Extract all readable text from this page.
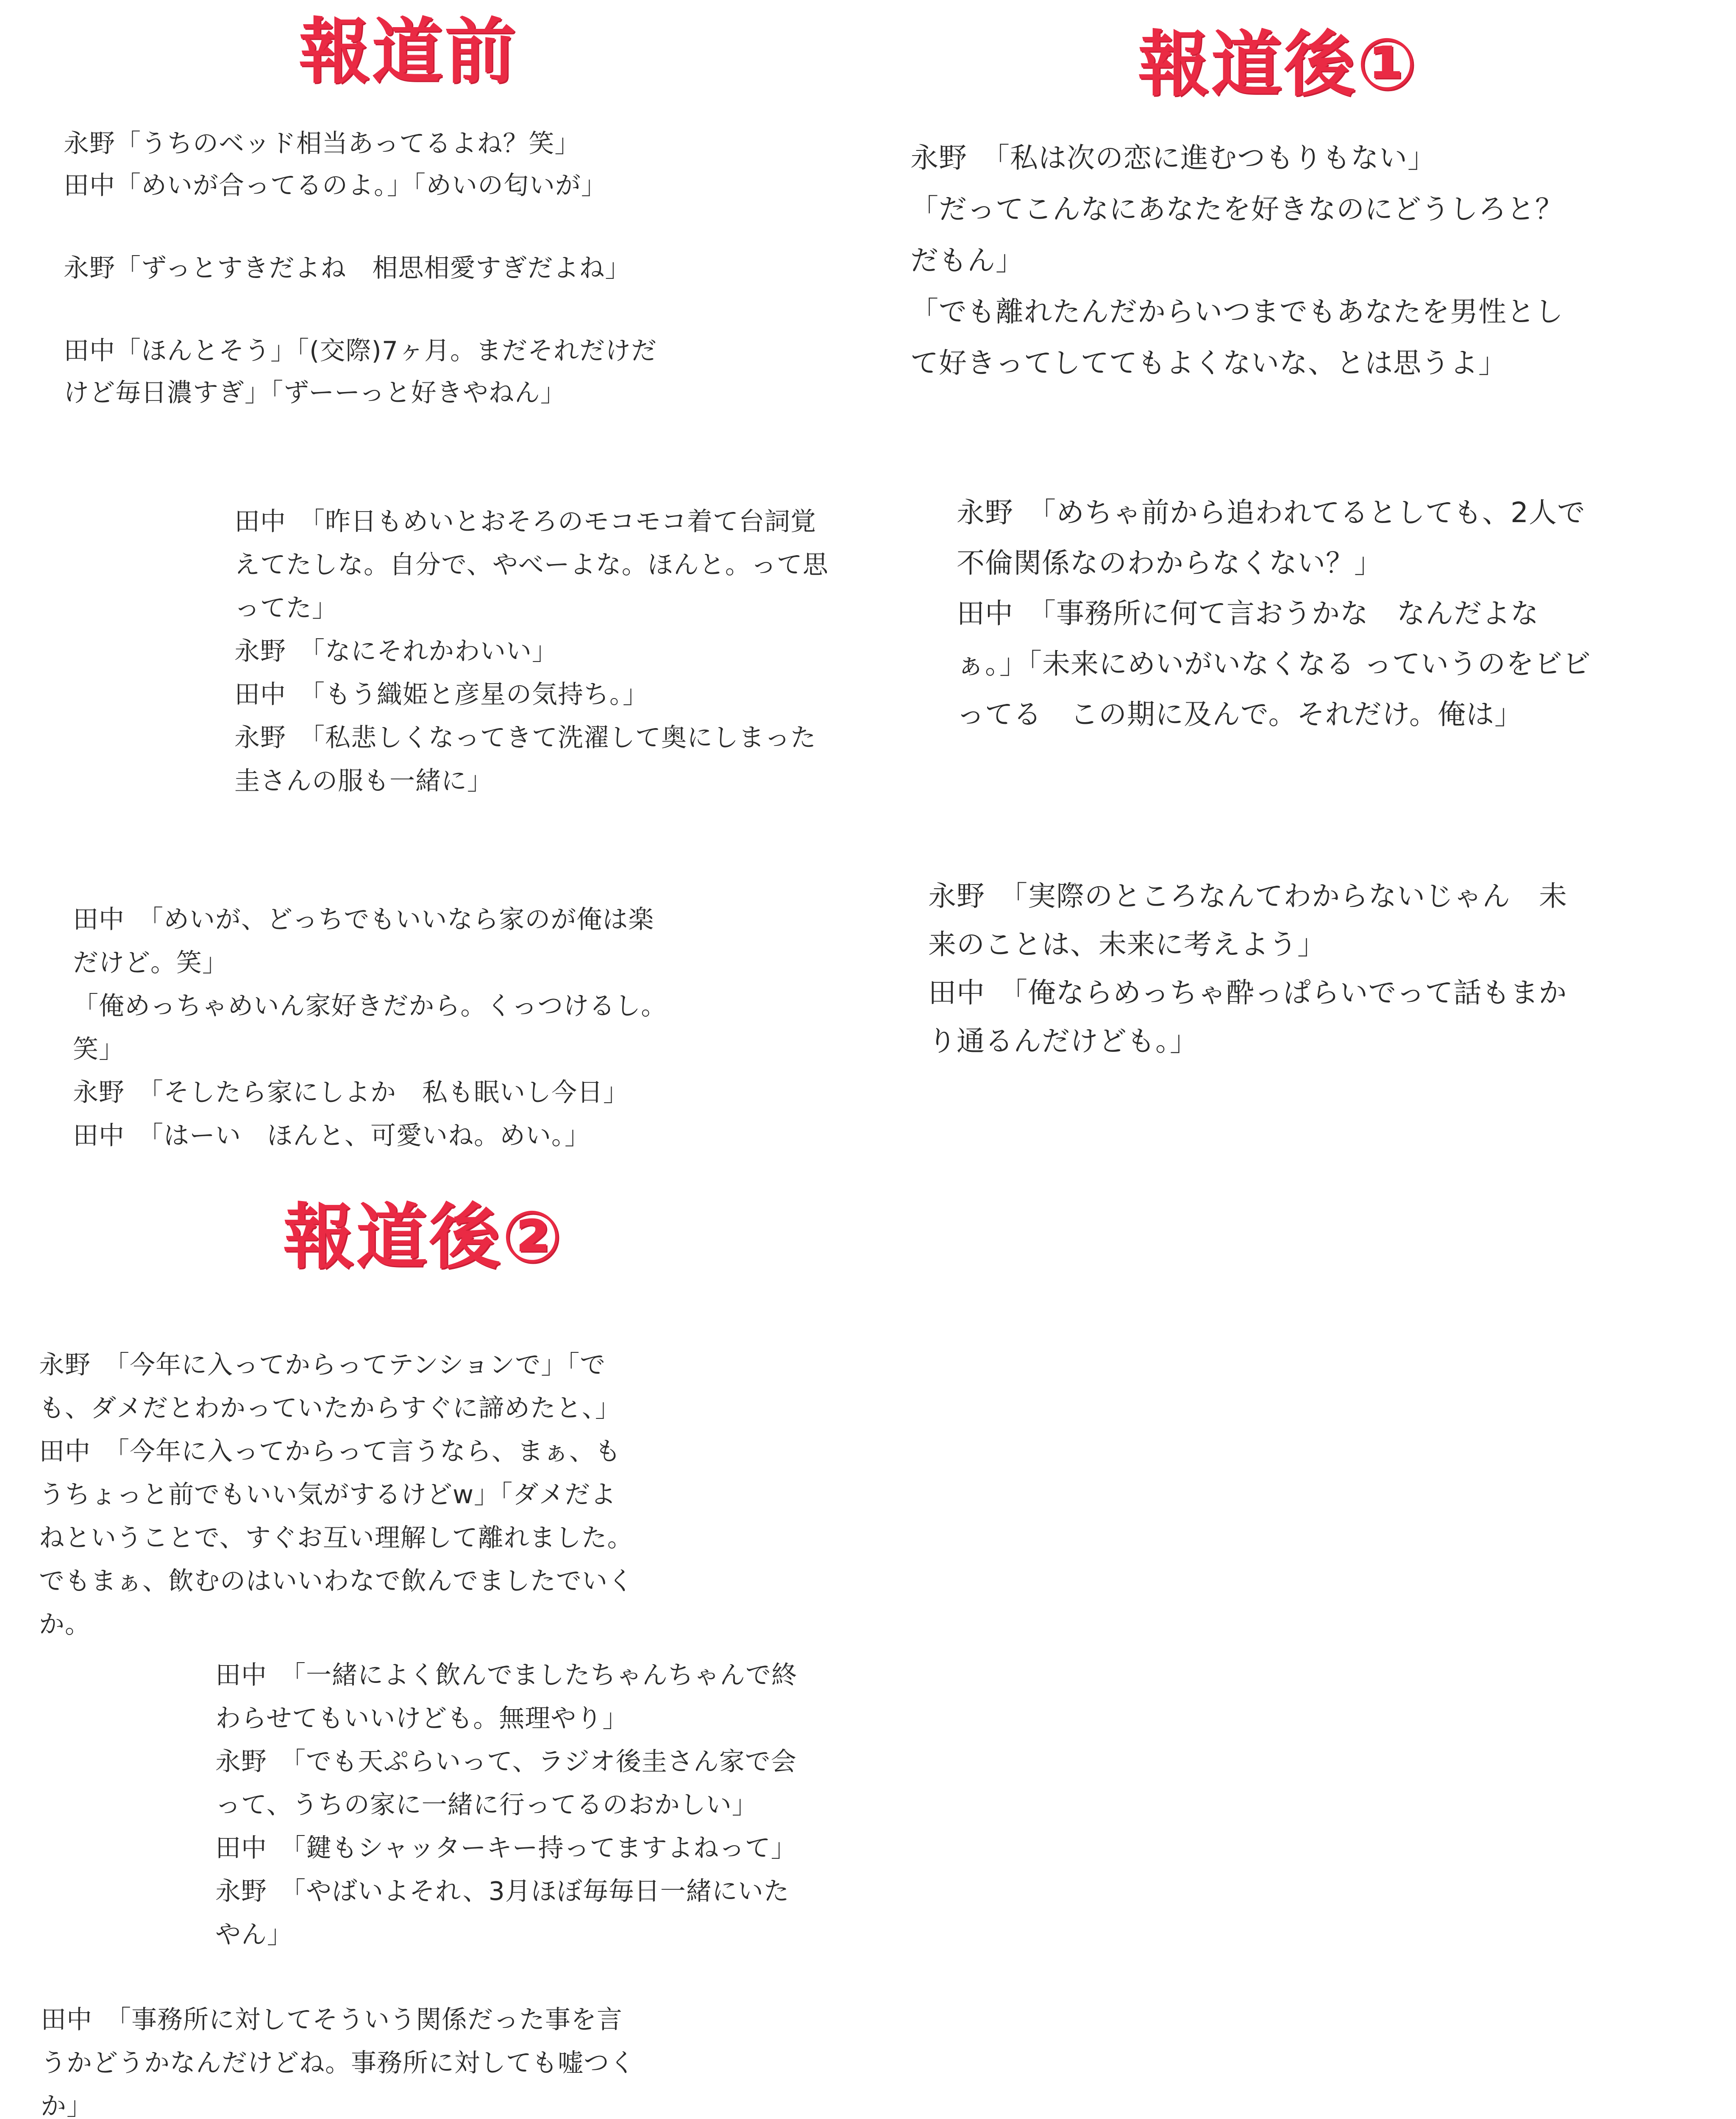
報道前	報道後①
報道後②
永野「うちのベッド相当あってるよね？笑」
田中「めいが合ってるのよ。」「めいの匂いが」
永野「ずっとすきだよね　相思相愛すぎだよね」
田中「ほんとそう」「(交際)7ヶ月。まだそれだけだ
けど毎日濃すぎ」「ずーーっと好きやねん」
田中　「昨日もめいとおそろのモコモコ着て台詞覚
えてたしな。自分で、やべーよな。ほんと。って思
ってた」
永野　「なにそれかわいい」
田中　「もう織姫と彦星の気持ち。」
永野　「私悲しくなってきて洗濯して奥にしまった
圭さんの服も一緒に」
田中　「めいが、どっちでもいいなら家のが俺は楽
だけど。笑」
「俺めっちゃめいん家好きだから。くっつけるし。
笑」
永野　「そしたら家にしよか　私も眠いし今日」
田中　「はーい　ほんと、可愛いね。めい。」
永野　「私は次の恋に進むつもりもない」
「だってこんなにあなたを好きなのにどうしろと？
だもん」
「でも離れたんだからいつまでもあなたを男性とし
て好きってしててもよくないな、とは思うよ」
永野　「めちゃ前から追われてるとしても、2人で
不倫関係なのわからなくない？」
田中　「事務所に何て言おうかな　なんだよな
ぁ。」「未来にめいがいなくなる っていうのをビビ
ってる　この期に及んで。それだけ。俺は」
永野　「実際のところなんてわからないじゃん　未
来のことは、未来に考えよう」
田中　「俺ならめっちゃ酔っぱらいでって話もまか
り通るんだけども。」
永野　「今年に入ってからってテンションで」「で
も、ダメだとわかっていたからすぐに諦めたと、」
田中　「今年に入ってからって言うなら、まぁ、も
うちょっと前でもいい気がするけどw」「ダメだよ
ねということで、すぐお互い理解して離れました。
でもまぁ、飲むのはいいわなで飲んでましたでいく
か。
田中　「一緒によく飲んでましたちゃんちゃんで終
わらせてもいいけども。無理やり」
永野　「でも天ぷらいって、ラジオ後圭さん家で会
って、うちの家に一緒に行ってるのおかしい」
田中　「鍵もシャッターキー持ってますよねって」
永野　「やばいよそれ、3月ほぼ毎毎日一緒にいた
やん」
田中　「事務所に対してそういう関係だった事を言
うかどうかなんだけどね。事務所に対しても嘘つく
か」
